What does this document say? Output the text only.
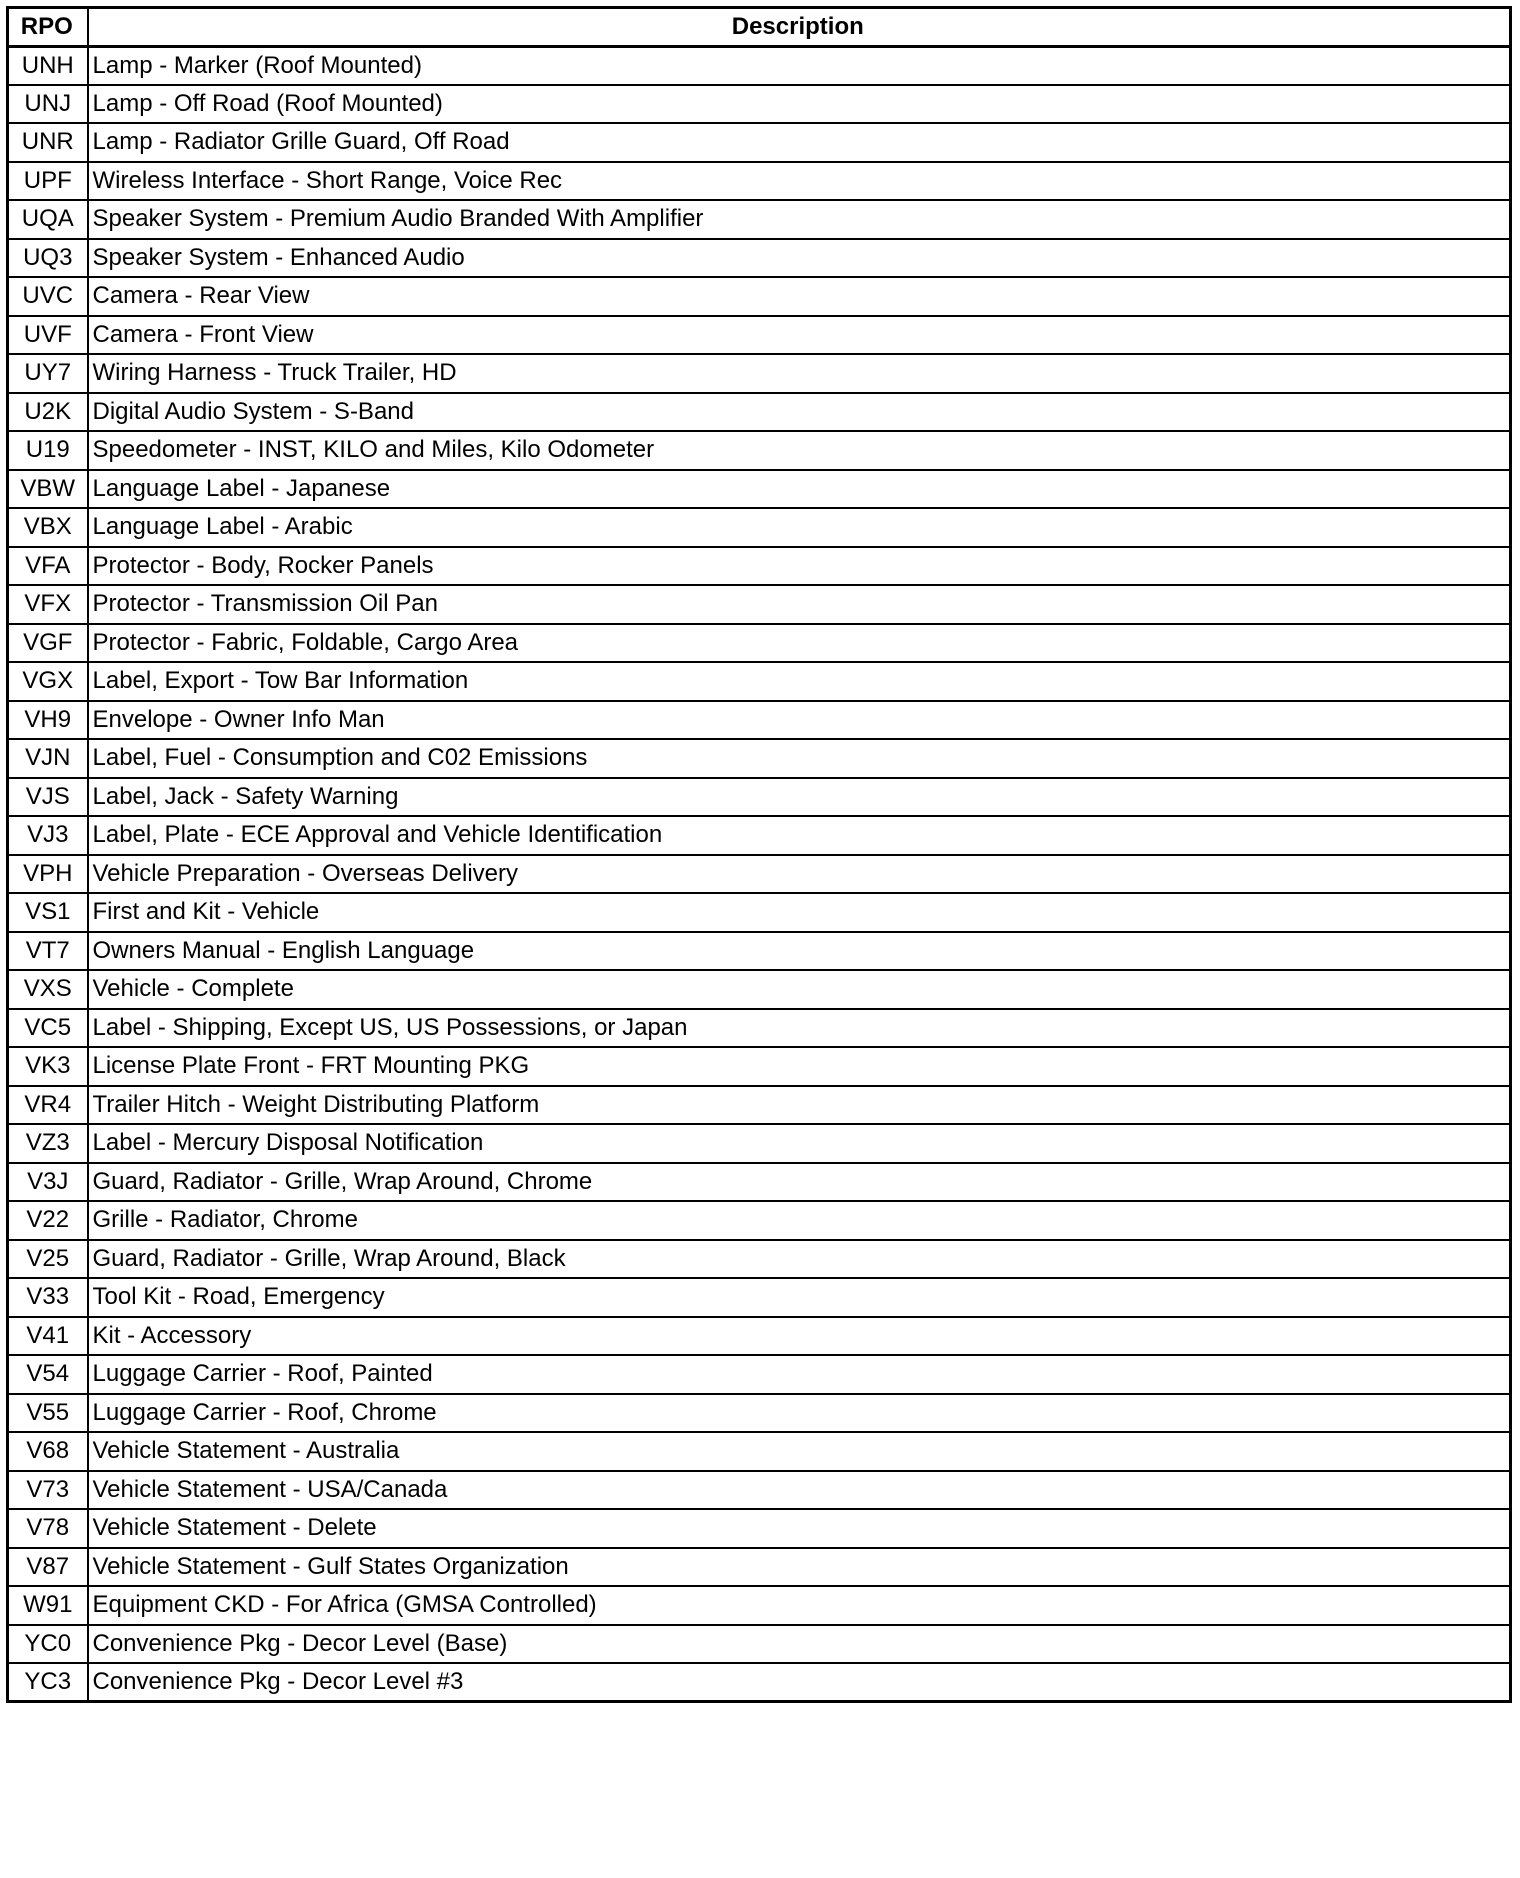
RPO	Description
UNH	Lamp - Marker (Roof Mounted)
UNJ	Lamp - Off Road (Roof Mounted)
UNR	Lamp - Radiator Grille Guard, Off Road
UPF	Wireless Interface - Short Range, Voice Rec
UQA	Speaker System - Premium Audio Branded With Amplifier
UQ3	Speaker System - Enhanced Audio
UVC	Camera - Rear View
UVF	Camera - Front View
UY7	Wiring Harness - Truck Trailer, HD
U2K	Digital Audio System - S-Band
U19	Speedometer - INST, KILO and Miles, Kilo Odometer
VBW	Language Label - Japanese
VBX	Language Label - Arabic
VFA	Protector - Body, Rocker Panels
VFX	Protector - Transmission Oil Pan
VGF	Protector - Fabric, Foldable, Cargo Area
VGX	Label, Export - Tow Bar Information
VH9	Envelope - Owner Info Man
VJN	Label, Fuel - Consumption and C02 Emissions
VJS	Label, Jack - Safety Warning
VJ3	Label, Plate - ECE Approval and Vehicle Identification
VPH	Vehicle Preparation - Overseas Delivery
VS1	First and Kit - Vehicle
VT7	Owners Manual - English Language
VXS	Vehicle - Complete
VC5	Label - Shipping, Except US, US Possessions, or Japan
VK3	License Plate Front - FRT Mounting PKG
VR4	Trailer Hitch - Weight Distributing Platform
VZ3	Label - Mercury Disposal Notification
V3J	Guard, Radiator - Grille, Wrap Around, Chrome
V22	Grille - Radiator, Chrome
V25	Guard, Radiator - Grille, Wrap Around, Black
V33	Tool Kit - Road, Emergency
V41	Kit - Accessory
V54	Luggage Carrier - Roof, Painted
V55	Luggage Carrier - Roof, Chrome
V68	Vehicle Statement - Australia
V73	Vehicle Statement - USA/Canada
V78	Vehicle Statement - Delete
V87	Vehicle Statement - Gulf States Organization
W91	Equipment CKD - For Africa (GMSA Controlled)
YC0	Convenience Pkg - Decor Level (Base)
YC3	Convenience Pkg - Decor Level #3
